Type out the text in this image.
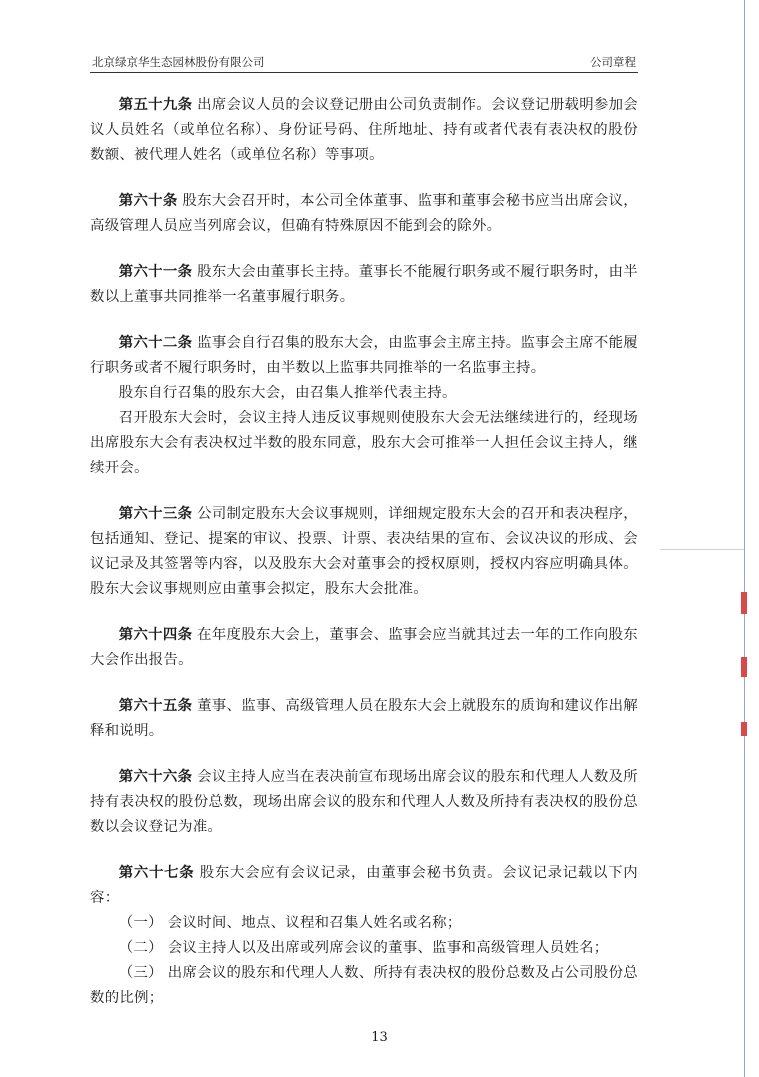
北京绿京华生态园林股份有限公司	公司章程

第五十九条 出席会议人员的会议登记册由公司负责制作。会议登记册载明参加会议人员姓名（或单位名称）、身份证号码、住所地址、持有或者代表有表决权的股份数额、被代理人姓名（或单位名称）等事项。

第六十条 股东大会召开时，本公司全体董事、监事和董事会秘书应当出席会议，高级管理人员应当列席会议，但确有特殊原因不能到会的除外。

第六十一条 股东大会由董事长主持。董事长不能履行职务或不履行职务时，由半数以上董事共同推举一名董事履行职务。

第六十二条 监事会自行召集的股东大会，由监事会主席主持。监事会主席不能履行职务或者不履行职务时，由半数以上监事共同推举的一名监事主持。

股东自行召集的股东大会，由召集人推举代表主持。

召开股东大会时，会议主持人违反议事规则使股东大会无法继续进行的，经现场出席股东大会有表决权过半数的股东同意，股东大会可推举一人担任会议主持人，继续开会。

第六十三条 公司制定股东大会议事规则，详细规定股东大会的召开和表决程序，包括通知、登记、提案的审议、投票、计票、表决结果的宣布、会议决议的形成、会议记录及其签署等内容，以及股东大会对董事会的授权原则，授权内容应明确具体。股东大会议事规则应由董事会拟定，股东大会批准。

第六十四条 在年度股东大会上，董事会、监事会应当就其过去一年的工作向股东大会作出报告。

第六十五条 董事、监事、高级管理人员在股东大会上就股东的质询和建议作出解释和说明。

第六十六条 会议主持人应当在表决前宣布现场出席会议的股东和代理人人数及所持有表决权的股份总数，现场出席会议的股东和代理人人数及所持有表决权的股份总数以会议登记为准。

第六十七条 股东大会应有会议记录，由董事会秘书负责。会议记录记载以下内容：

（一） 会议时间、地点、议程和召集人姓名或名称；

（二） 会议主持人以及出席或列席会议的董事、监事和高级管理人员姓名；

（三） 出席会议的股东和代理人人数、所持有表决权的股份总数及占公司股份总数的比例；

13
